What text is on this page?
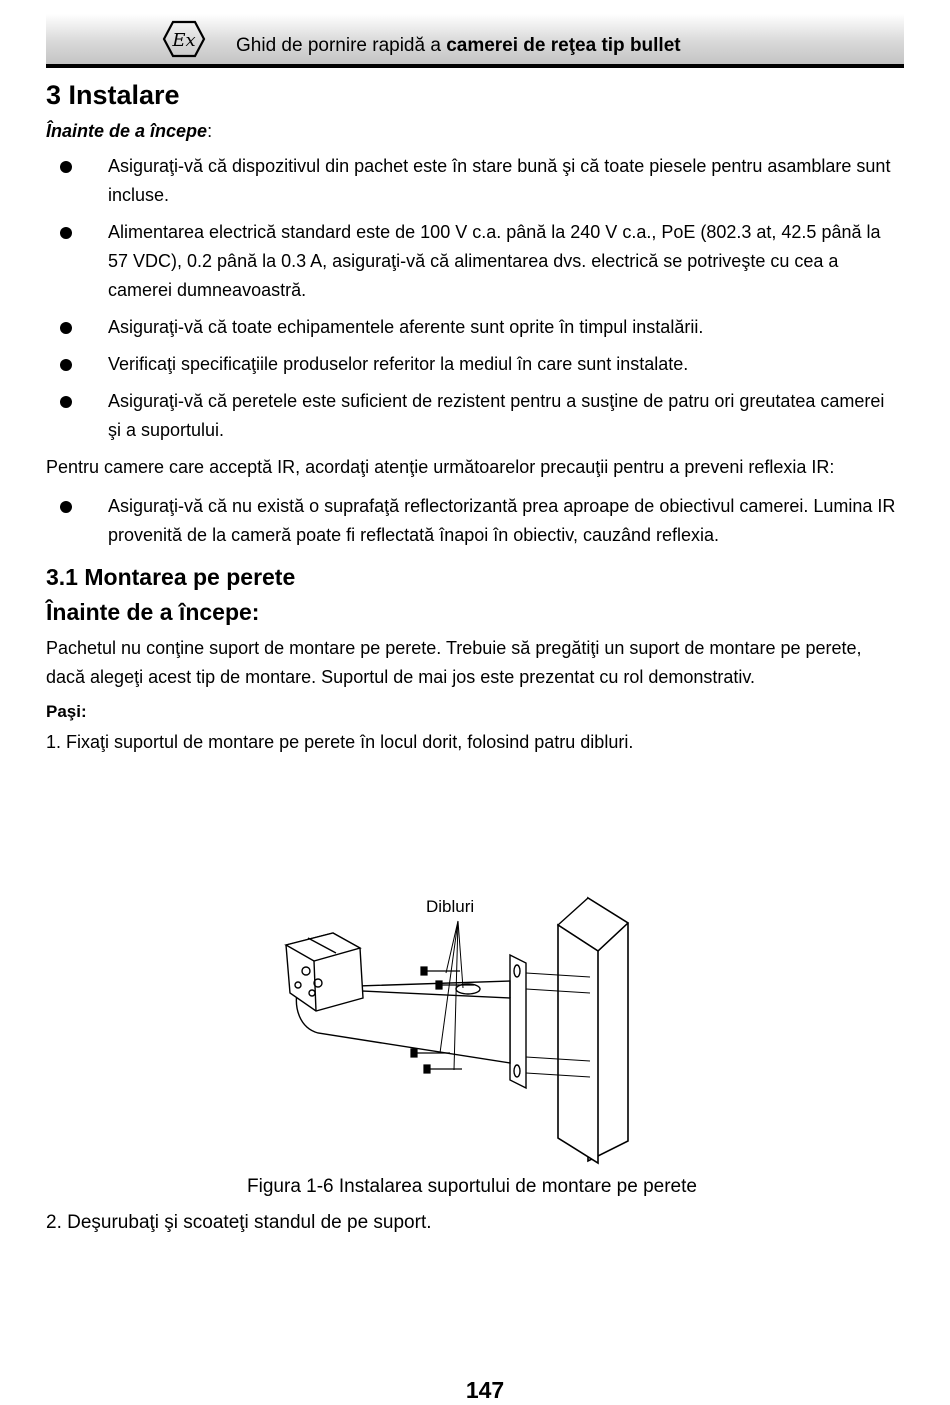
Ex Ghid de pornire rapidă a camerei de reţea tip bullet
3 Instalare
Înainte de a începe:
Asiguraţi-vă că dispozitivul din pachet este în stare bună şi că toate piesele pentru asamblare sunt incluse.
Alimentarea electrică standard este de 100 V c.a. până la 240 V c.a., PoE (802.3 at, 42.5 până la 57 VDC), 0.2 până la 0.3 A, asiguraţi-vă că alimentarea dvs. electrică se potriveşte cu cea a camerei dumneavoastră.
Asiguraţi-vă că toate echipamentele aferente sunt oprite în timpul instalării.
Verificaţi specificaţiile produselor referitor la mediul în care sunt instalate.
Asiguraţi-vă că peretele este suficient de rezistent pentru a susţine de patru ori greutatea camerei şi a suportului.

Pentru camere care acceptă IR, acordaţi atenţie următoarelor precauţii pentru a preveni reflexia IR:

Asiguraţi-vă că nu există o suprafaţă reflectorizantă prea aproape de obiectivul camerei. Lumina IR provenită de la cameră poate fi reflectată înapoi în obiectiv, cauzând reflexia.
3.1 Montarea pe perete
Înainte de a începe:

Pachetul nu conţine suport de montare pe perete. Trebuie să pregătiţi un suport de montare pe perete, dacă alegeţi acest tip de montare. Suportul de mai jos este prezentat cu rol demonstrativ.

Paşi:

1. Fixaţi suportul de montare pe perete în locul dorit, folosind patru dibluri.

Dibluri
Figura 1-6 Instalarea suportului de montare pe perete
2. Deşurubaţi şi scoateţi standul de pe suport.
147
